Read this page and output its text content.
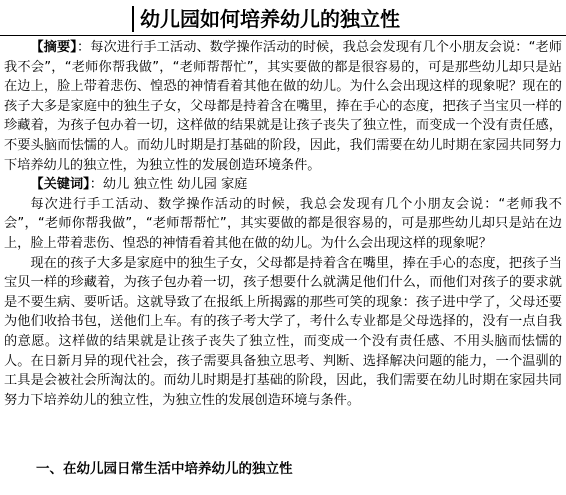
幼儿园如何培养幼儿的独立性

【摘要】：每次进行手工活动、数学操作活动的时候，我总会发现有几个小朋友会说：“老师我不会”，“老师你帮我做”，“老师帮帮忙”，其实要做的都是很容易的，可是那些幼儿却只是站在边上，脸上带着悲伤、惶恐的神情看着其他在做的幼儿。为什么会出现这样的现象呢？现在的孩子大多是家庭中的独生子女，父母都是持着含在嘴里，捧在手心的态度，把孩子当宝贝一样的珍藏着，为孩子包办着一切，这样做的结果就是让孩子丧失了独立性，而变成一个没有责任感，不要头脑而怯懦的人。而幼儿时期是打基础的阶段，因此，我们需要在幼儿时期在家园共同努力下培养幼儿的独立性，为独立性的发展创造环境条件。

【关键词】：幼儿 独立性 幼儿园 家庭

每次进行手工活动、数学操作活动的时候，我总会发现有几个小朋友会说：“老师我不会”，“老师你帮我做”，“老师帮帮忙”，其实要做的都是很容易的，可是那些幼儿却只是站在边上，脸上带着悲伤、惶恐的神情看着其他在做的幼儿。为什么会出现这样的现象呢？

现在的孩子大多是家庭中的独生子女，父母都是持着含在嘴里，捧在手心的态度，把孩子当宝贝一样的珍藏着，为孩子包办着一切，孩子想要什么就满足他们什么，而他们对孩子的要求就是不要生病、要听话。这就导致了在报纸上所揭露的那些可笑的现象：孩子进中学了，父母还要为他们收拾书包，送他们上车。有的孩子考大学了，考什么专业都是父母选择的，没有一点自我的意愿。这样做的结果就是让孩子丧失了独立性，而变成一个没有责任感、不用头脑而怯懦的人。在日新月异的现代社会，孩子需要具备独立思考、判断、选择解决问题的能力，一个温驯的工具是会被社会所淘汰的。而幼儿时期是打基础的阶段，因此，我们需要在幼儿时期在家园共同努力下培养幼儿的独立性，为独立性的发展创造环境与条件。

一、在幼儿园日常生活中培养幼儿的独立性
